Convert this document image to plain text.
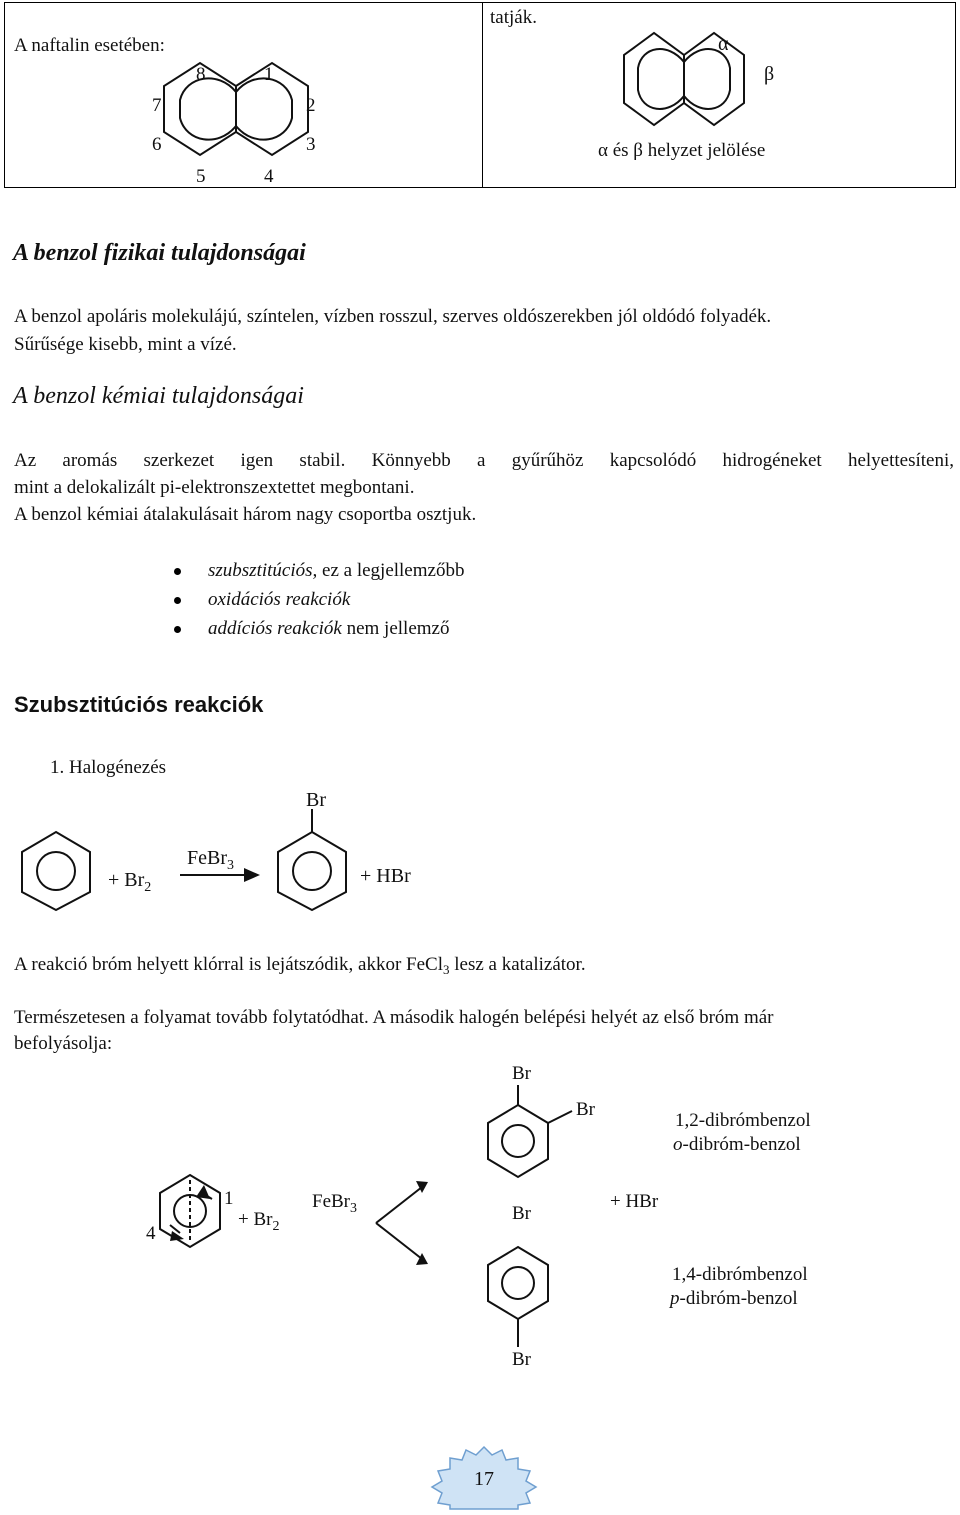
tatják.
A naftalin esetében:
8	1
7	2
6	3
5	4
α
β
α és β helyzet jelölése
A benzol fizikai tulajdonságai
A benzol apoláris molekulájú, színtelen, vízben rosszul, szerves oldószerekben jól oldódó folyadék.
Sűrűsége kisebb, mint a vízé.
A benzol kémiai tulajdonságai
Az aromás szerkezet igen stabil. Könnyebb a gyűrűhöz kapcsolódó hidrogéneket helyettesíteni,
mint a delokalizált pi-elektronszextettet megbontani.
A benzol kémiai átalakulásait három nagy csoportba osztjuk.
szubsztitúciós, ez a legjellemzőbb
oxidációs reakciók
addíciós reakciók nem jellemző
Szubsztitúciós reakciók
1. Halogénezés
Br
+ $Br_2$
FeBr$_3$	+ HBr
A reakció bróm helyett klórral is lejátszódik, akkor FeCl$_3$ lesz a katalizátor.
Természetesen a folyamat tovább folytatódhat. A második halogén belépési helyét az első bróm már
befolyásolja:
1
4
+ $Br_2$
FeBr$_3$
Br
Br
Br
Br
+ HBr
1,2-dibrómbenzol
o-dibróm-benzol
1,4-dibrómbenzol
p-dibróm-benzol
17
